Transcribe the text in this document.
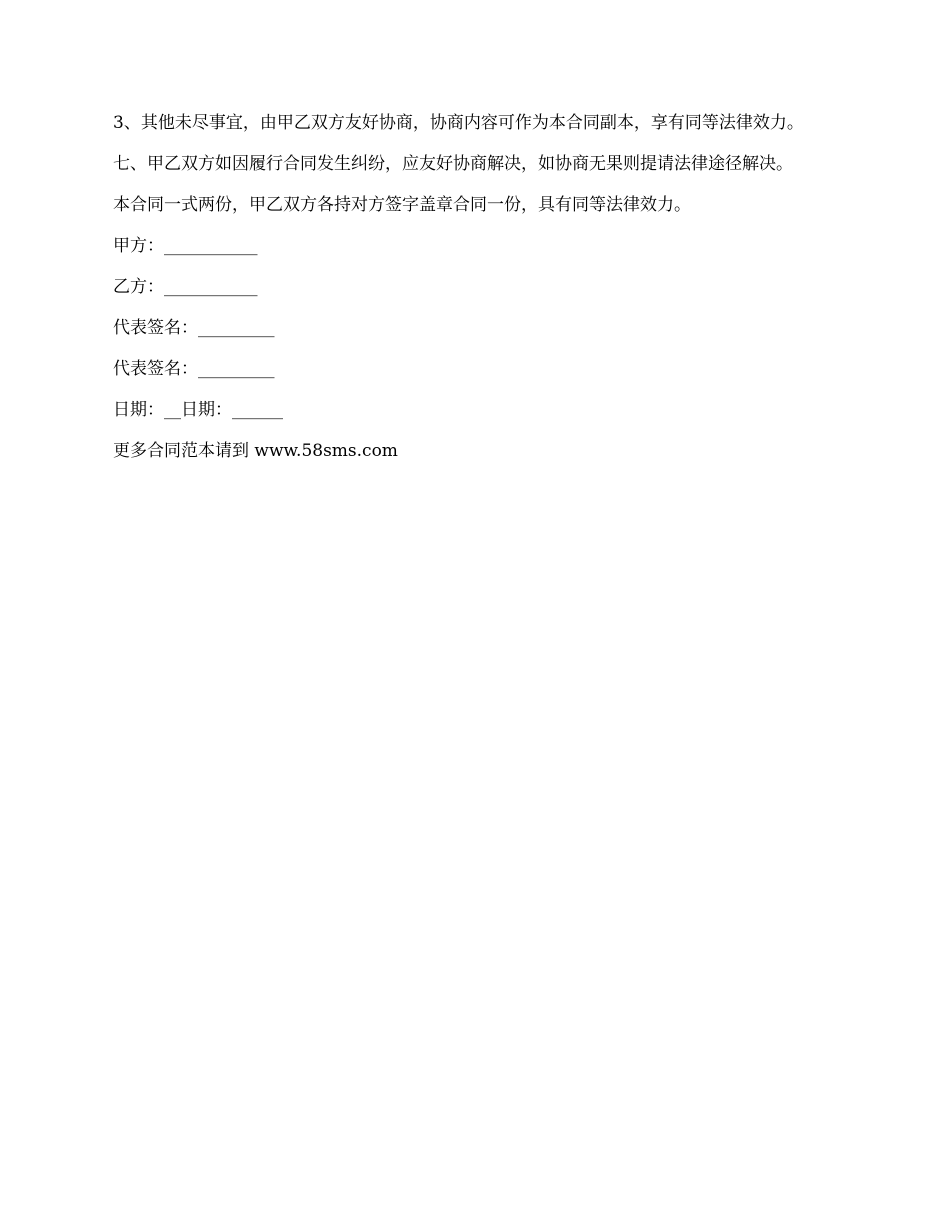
3、其他未尽事宜，由甲乙双方友好协商，协商内容可作为本合同副本，享有同等法律效力。

七、甲乙双方如因履行合同发生纠纷，应友好协商解决，如协商无果则提请法律途径解决。

本合同一式两份，甲乙双方各持对方签字盖章合同一份，具有同等法律效力。

甲方：___________

乙方：___________

代表签名：_________

代表签名：_________

日期：__日期：______

更多合同范本请到 www.58sms.com
